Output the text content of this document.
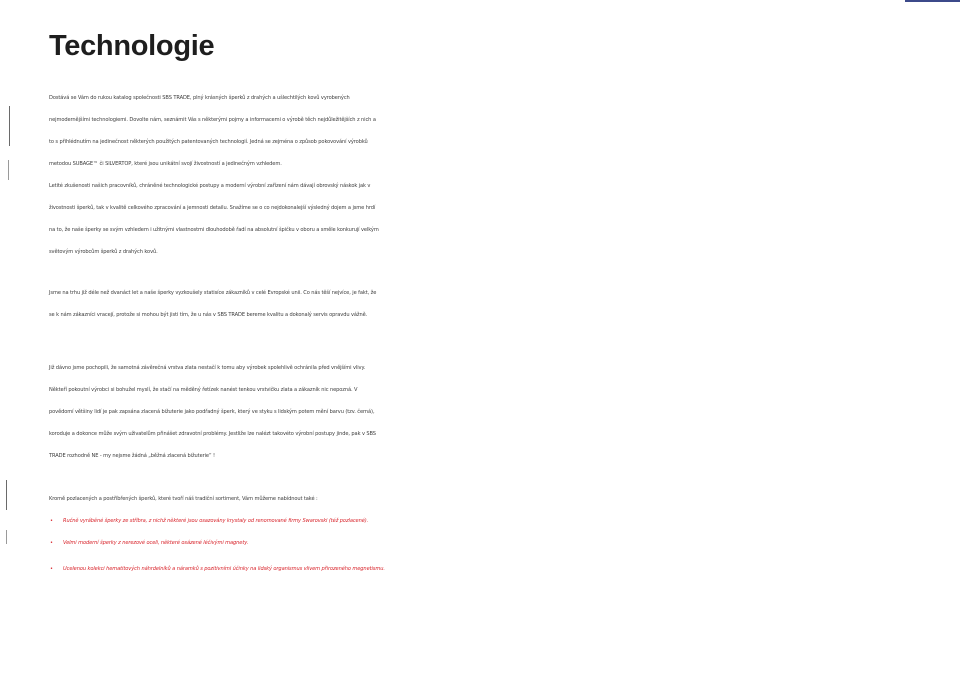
Technologie
Dostává se Vám do rukou katalog společnosti SBS TRADE, plný krásných šperků z drahých a ušlechtilých kovů vyrobených
nejmodernějšími technologiemi. Dovolte nám, seznámit Vás s některými pojmy a informacemi o výrobě těch nejdůležitějších z nich a
to s přihlédnutím na jedinečnost některých použitých patentovaných technologií. Jedná se zejména o způsob pokovování výrobků
metodou SUBAGE™ či SILVERTOP, které jsou unikátní svojí živostností a jedinečným vzhledem.
Letité zkušenosti našich pracovníků, chráněné technologické postupy a moderní výrobní zařízení nám dávají obrovský náskok jak v
živostnosti šperků, tak v kvalitě celkového zpracování a jemnosti detailu. Snažíme se o co nejdokonalejší výsledný dojem a jsme hrdí
na to, že naše šperky se svým vzhledem i užitnými vlastnostmi dlouhodobě řadí na absolutní špičku v oboru a směle konkurují velkým
světovým výrobcům šperků z drahých kovů.
Jsme na trhu již déle než dvanáct let a naše šperky vyzkoušely statisíce zákazníků v celé Evropské unii. Co nás těší nejvíce, je fakt, že
se k nám zákazníci vracejí, protože si mohou být jisti tím, že u nás v SBS TRADE bereme kvalitu a dokonalý servis opravdu vážně.
Již dávno jsme pochopili, že samotná závěrečná vrstva zlata nestačí k tomu aby výrobek spolehlivě ochránila před vnějšími vlivy.
Někteří pokoutní výrobci si bohužel myslí, že stačí na měděný řetízek nanést tenkou vrstvičku zlata a zákazník nic nepozná. V
povědomí většiny lidí je pak zapsána zlacená bižuterie jako podřadný šperk, který ve styku s lidským potem mění barvu (tzv. černá),
koroduje a dokonce může svým uživatelům přinášet zdravotní problémy. Jestliže lze nalézt takovéto výrobní postupy jinde, pak v SBS
TRADE rozhodně NE - my nejsme žádná „běžná zlacená bižuterie“ !
Kromě pozlacených a postříbřených šperků, které tvoří náš tradiční sortiment, Vám můžeme nabídnout také :
• Ručně vyráběné šperky ze stříbra, z nichž některé jsou osazovány krystaly od renomované firmy Swarovski (též pozlacené).
• Velmi moderní šperky z nerezové oceli, některé osázené léčivými magnety.
• Ucelenou kolekci hematitových náhrdelníků a náramků s pozitivními účinky na lidský organismus vlivem přirozeného megnetismu.
